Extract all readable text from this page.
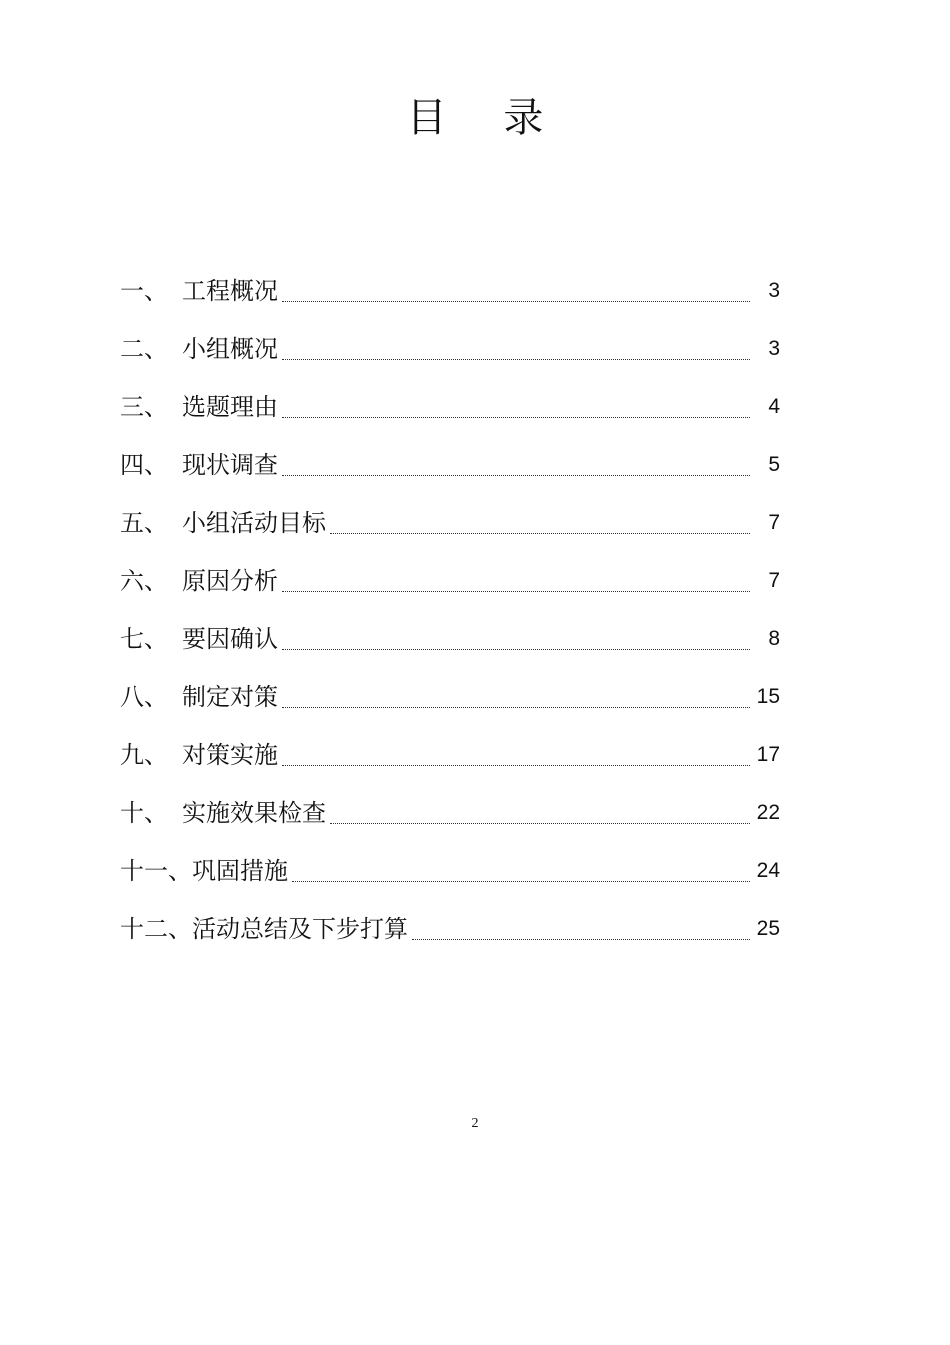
目 录
一、 工程概况	3
二、 小组概况	3
三、 选题理由	4
四、 现状调查	5
五、 小组活动目标	7
六、 原因分析	7
七、 要因确认	8
八、 制定对策	15
九、 对策实施	17
十、 实施效果检查	22
十一、 巩固措施	24
十二、 活动总结及下步打算	25
2
